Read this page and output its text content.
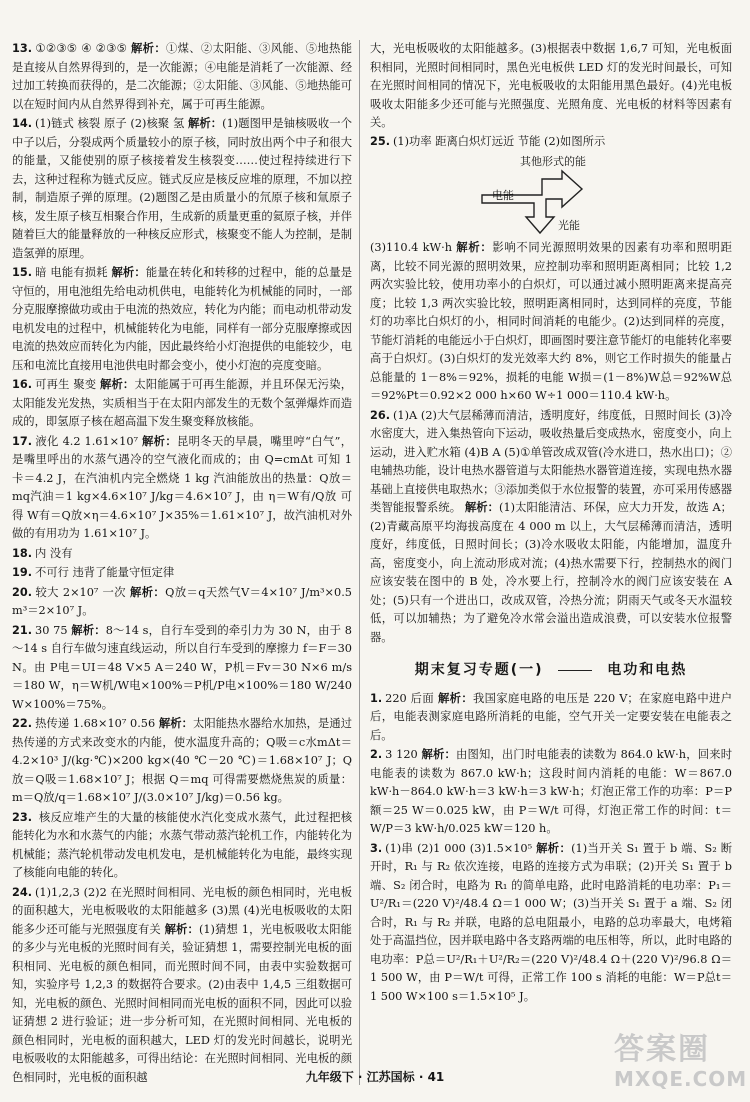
13. ①②③⑤ ④ ②③⑤ 解析：①煤、②太阳能、③风能、⑤地热能是直接从自然界得到的，是一次能源；④电能是消耗了一次能源、经过加工转换而获得的，是二次能源；②太阳能、③风能、⑤地热能可以在短时间内从自然界得到补充，属于可再生能源。

14. (1)链式 核裂 原子 (2)核聚 氢 解析：(1)题图甲是铀核吸收一个中子以后，分裂成两个质量较小的原子核，同时放出两个中子和很大的能量，又能使别的原子核接着发生核裂变……使过程持续进行下去，这种过程称为链式反应。链式反应是核反应堆的原理，不加以控制，制造原子弹的原理。(2)题图乙是由质量小的氘原子核和氚原子核，发生原子核互相聚合作用，生成新的质量更重的氦原子核，并伴随着巨大的能量释放的一种核反应形式，核聚变不能人为控制，是制造氢弹的原理。

15. 暗 电能有损耗 解析：能量在转化和转移的过程中，能的总量是守恒的，用电池组先给电动机供电，电能转化为机械能的同时，一部分克服摩擦做功或由于电流的热效应，转化为内能；而电动机带动发电机发电的过程中，机械能转化为电能，同样有一部分克服摩擦或因电流的热效应而转化为内能，因此最终给小灯泡提供的电能较少，电压和电流比直接用电池供电时都会变小，使小灯泡的亮度变暗。

16. 可再生 聚变 解析：太阳能属于可再生能源，并且环保无污染，太阳能发光发热，实质相当于在太阳内部发生的无数个氢弹爆炸而造成的，即氢原子核在超高温下发生聚变释放核能。

17. 液化 4.2 1.61×10⁷ 解析：昆明冬天的早晨，嘴里哼“白气”，是嘴里呼出的水蒸气遇冷的空气液化而成的；由 Q=cmΔt 可知 1 卡＝4.2 J，在汽油机内完全燃烧 1 kg 汽油能放出的热量：Q放＝mq汽油＝1 kg×4.6×10⁷ J/kg＝4.6×10⁷ J，由 η＝W有/Q放 可得 W有＝Q放×η＝4.6×10⁷ J×35%＝1.61×10⁷ J，故汽油机对外做的有用功为 1.61×10⁷ J。

18. 内 没有

19. 不可行 违背了能量守恒定律

20. 较大 2×10⁷ 一次 解析：Q放＝q天然气V＝4×10⁷ J/m³×0.5 m³＝2×10⁷ J。

21. 30 75 解析：8～14 s，自行车受到的牵引力为 30 N，由于 8～14 s 自行车做匀速直线运动，所以自行车受到的摩擦力 f＝F＝30 N。由 P电＝UI＝48 V×5 A＝240 W，P机＝Fv＝30 N×6 m/s＝180 W，η＝W机/W电×100%＝P机/P电×100%＝180 W/240 W×100%＝75%。

22. 热传递 1.68×10⁷ 0.56 解析：太阳能热水器给水加热，是通过热传递的方式来改变水的内能，使水温度升高的；Q吸＝c水mΔt＝4.2×10³ J/(kg·℃)×200 kg×(40 ℃－20 ℃)＝1.68×10⁷ J；Q放＝Q吸＝1.68×10⁷ J；根据 Q＝mq 可得需要燃烧焦炭的质量：m＝Q放/q＝1.68×10⁷ J/(3.0×10⁷ J/kg)＝0.56 kg。

23. 核反应堆产生的大量的核能使水汽化变成水蒸气，此过程把核能转化为水和水蒸气的内能；水蒸气带动蒸汽轮机工作，内能转化为机械能；蒸汽轮机带动发电机发电，是机械能转化为电能，最终实现了核能向电能的转化。

24. (1)1,2,3 (2)2 在光照时间相同、光电板的颜色相同时，光电板的面积越大，光电板吸收的太阳能越多 (3)黑 (4)光电板吸收的太阳能多少还可能与光照强度有关 解析：(1)猜想 1，光电板吸收太阳能的多少与光电板的光照时间有关，验证猜想 1，需要控制光电板的面积相同、光电板的颜色相同，而光照时间不同，由表中实验数据可知，实验序号 1,2,3 的数据符合要求。(2)由表中 1,4,5 三组数据可知，光电板的颜色、光照时间相同而光电板的面积不同，因此可以验证猜想 2 进行验证；进一步分析可知，在光照时间相同、光电板的颜色相同时，光电板的面积越大，LED 灯的发光时间越长，说明光电板吸收的太阳能越多，可得出结论：在光照时间相同、光电板的颜色相同时，光电板的面积越

大，光电板吸收的太阳能越多。(3)根据表中数据 1,6,7 可知，光电板面积相同，光照时间相同时，黑色光电板供 LED 灯的发光时间最长，可知在光照时间相同的情况下，光电板吸收的太阳能用黑色最好。(4)光电板吸收太阳能多少还可能与光照强度、光照角度、光电板的材料等因素有关。

25. (1)功率 距离白炽灯远近 节能 (2)如图所示

其他形式的能
电能
光能

(3)110.4 kW·h 解析：影响不同光源照明效果的因素有功率和照明距离，比较不同光源的照明效果，应控制功率和照明距离相同；比较 1,2 两次实验比较，使用功率小的白炽灯，可以通过减小照明距离来提高亮度；比较 1,3 两次实验比较，照明距离相同时，达到同样的亮度，节能灯的功率比白炽灯的小，相同时间消耗的电能少。(2)达到同样的亮度，节能灯消耗的电能远小于白炽灯，即画图时要注意节能灯的电能转化率要高于白炽灯。(3)白炽灯的发光效率大约 8%，则它工作时损失的能量占总能量的 1－8%＝92%，损耗的电能 W损＝(1－8%)W总＝92%W总＝92%Pt＝0.92×2 000 h×60 W÷1 000＝110.4 kW·h。

26. (1)A (2)大气层稀薄而清洁，透明度好，纬度低，日照时间长 (3)冷水密度大，进入集热管向下运动，吸收热量后变成热水，密度变小，向上运动，进入贮水箱 (4)B A (5)①单管改成双管(冷水进口，热水出口)；②电辅热功能，设计电热水器管道与太阳能热水器管道连接，实现电热水器基础上直接供电取热水；③添加类似于水位报警的装置，亦可采用传感器类智能报警系统。 解析：(1)太阳能清洁、环保，应大力开发，故选 A；(2)青藏高原平均海拔高度在 4 000 m 以上，大气层稀薄而清洁，透明度好，纬度低，日照时间长；(3)冷水吸收太阳能，内能增加，温度升高，密度变小，向上流动形成对流；(4)热水需要下行，控制热水的阀门应该安装在图中的 B 处，冷水要上行，控制冷水的阀门应该安装在 A 处；(5)只有一个进出口，改成双管，冷热分流；阴雨天气或冬天水温较低，可以加辅热；为了避免冷水常会溢出造成浪费，可以安装水位报警器。

期末复习专题(一)	电功和电热

1. 220 后面 解析：我国家庭电路的电压是 220 V；在家庭电路中进户后，电能表测家庭电路所消耗的电能，空气开关一定要安装在电能表之后。

2. 3 120 解析：由图知，出门时电能表的读数为 864.0 kW·h，回来时电能表的读数为 867.0 kW·h；这段时间内消耗的电能：W＝867.0 kW·h－864.0 kW·h＝3 kW·h＝3 kW·h；灯泡正常工作的功率：P＝P额＝25 W＝0.025 kW，由 P＝W/t 可得，灯泡正常工作的时间：t＝W/P＝3 kW·h/0.025 kW＝120 h。

3. (1)串 (2)1 000 (3)1.5×10⁵ 解析：(1)当开关 S₁ 置于 b 端、S₂ 断开时，R₁ 与 R₂ 依次连接，电路的连接方式为串联；(2)开关 S₁ 置于 b 端、S₂ 闭合时，电路为 R₁ 的简单电路，此时电路消耗的电功率：P₁＝U²/R₁＝(220 V)²/48.4 Ω＝1 000 W；(3)当开关 S₁ 置于 a 端、S₂ 闭合时，R₁ 与 R₂ 并联，电路的总电阻最小，电路的总功率最大，电烤箱处于高温挡位，因并联电路中各支路两端的电压相等，所以，此时电路的电功率：P总＝U²/R₁＋U²/R₂＝(220 V)²/48.4 Ω＋(220 V)²/96.8 Ω＝1 500 W，由 P＝W/t 可得，正常工作 100 s 消耗的电能：W＝P总t＝1 500 W×100 s＝1.5×10⁵ J。

九年级下 · 江苏国标 · 41
答案圈
MXQE.COM
